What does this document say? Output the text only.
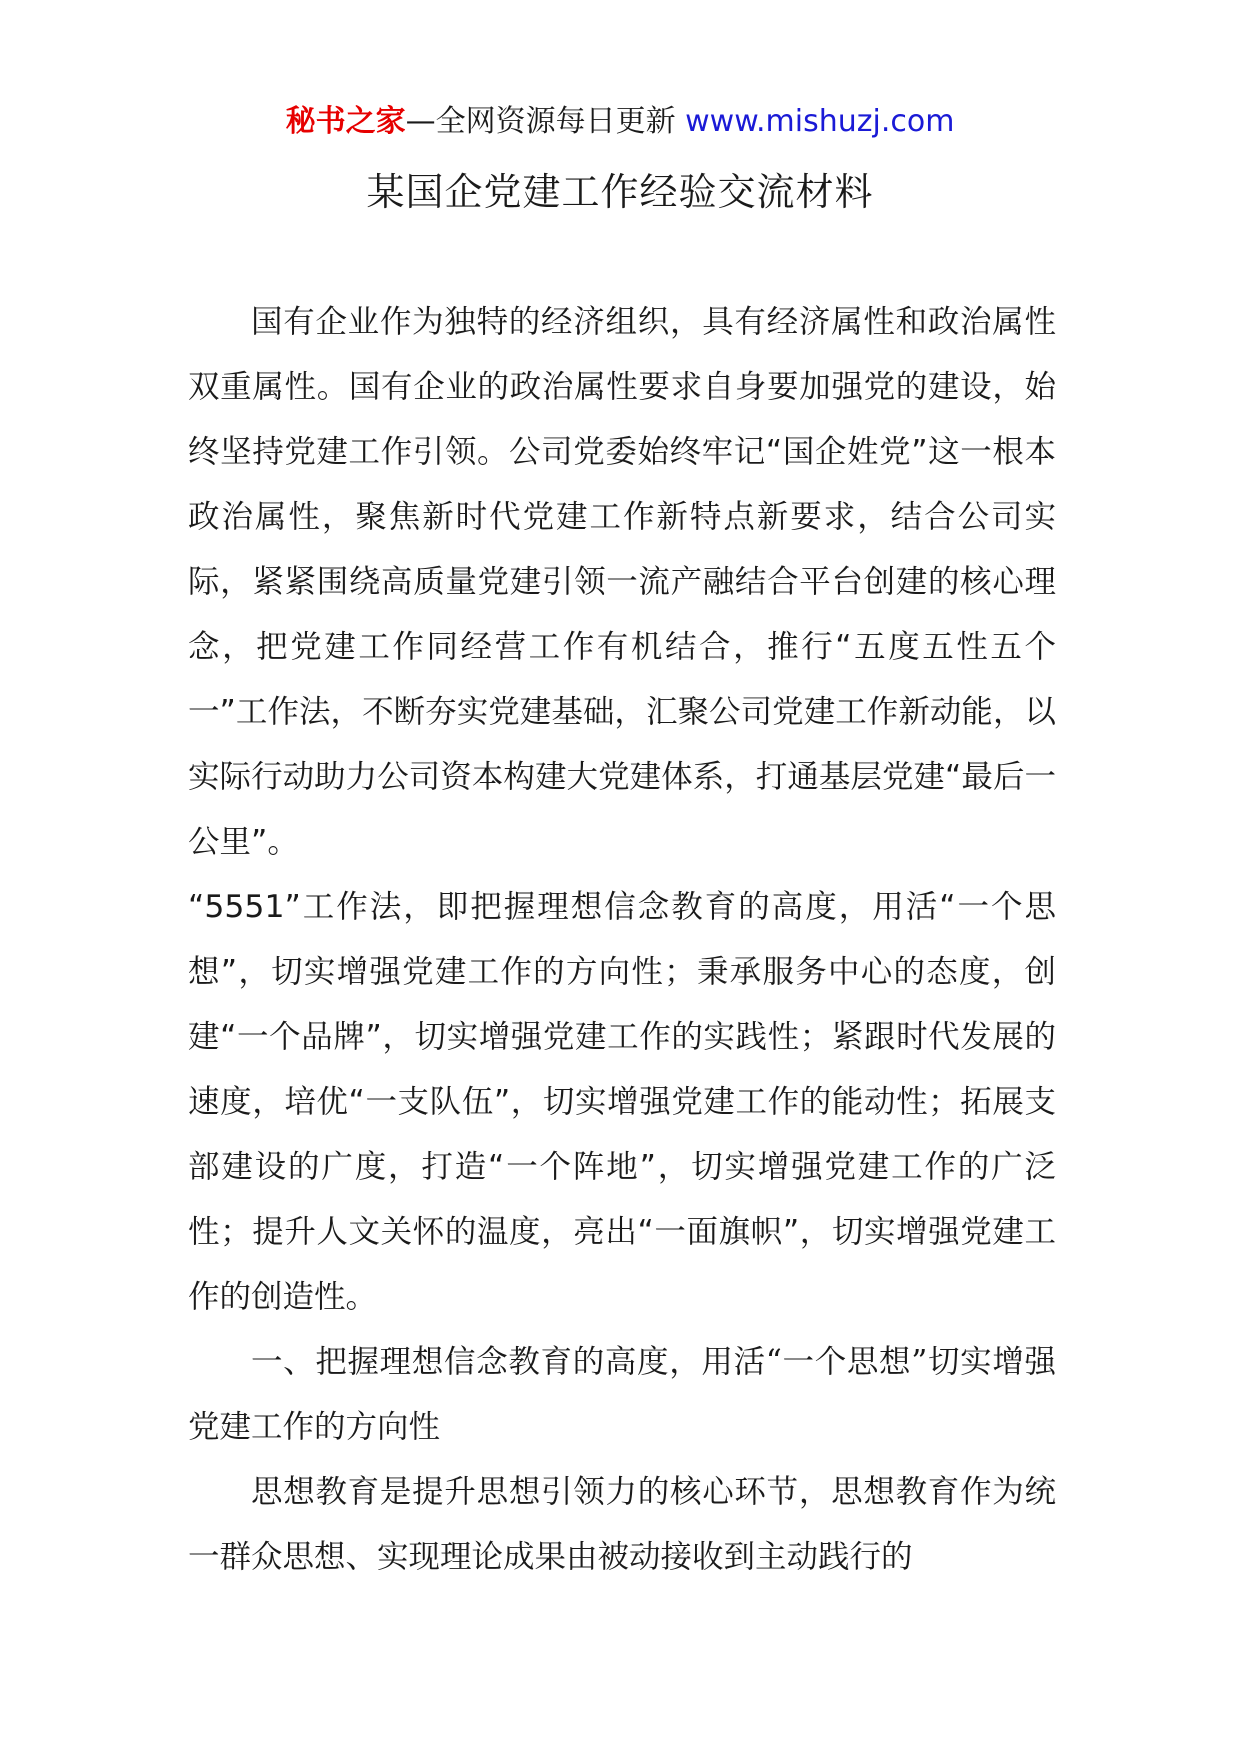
秘书之家—全网资源每日更新 www.mishuzj.com
某国企党建工作经验交流材料

国有企业作为独特的经济组织，具有经济属性和政治属性双重属性。国有企业的政治属性要求自身要加强党的建设，始终坚持党建工作引领。公司党委始终牢记“国企姓党”这一根本政治属性，聚焦新时代党建工作新特点新要求，结合公司实际，紧紧围绕高质量党建引领一流产融结合平台创建的核心理念，把党建工作同经营工作有机结合，推行“五度五性五个一”工作法，不断夯实党建基础，汇聚公司党建工作新动能，以实际行动助力公司资本构建大党建体系，打通基层党建“最后一公里”。

“5551”工作法，即把握理想信念教育的高度，用活“一个思想”，切实增强党建工作的方向性；秉承服务中心的态度，创建“一个品牌”，切实增强党建工作的实践性；紧跟时代发展的速度，培优“一支队伍”，切实增强党建工作的能动性；拓展支部建设的广度，打造“一个阵地”，切实增强党建工作的广泛性；提升人文关怀的温度，亮出“一面旗帜”，切实增强党建工作的创造性。

一、把握理想信念教育的高度，用活“一个思想”切实增强党建工作的方向性

思想教育是提升思想引领力的核心环节，思想教育作为统一群众思想、实现理论成果由被动接收到主动践行的
